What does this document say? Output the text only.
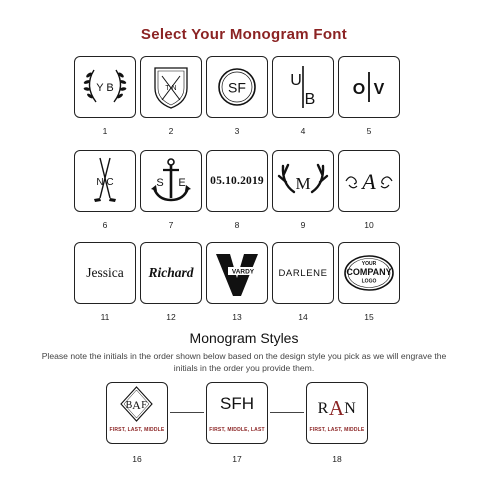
Select Your Monogram Font
Y B
1
T N
2
SF
3
U
B
4
O V
5
N C
6
S E
7
05.10.2019
8
M
9
A
10
Jessica
11
Richard
12
VARDY
13
DARLENE
14
YOUR
COMPANY
LOGO
15
Monogram Styles
Please note the initials in the order shown below based on the design style you pick as we will engrave the initials in the order you provide them.
B A F
FIRST, LAST, MIDDLE
16
SFH
FIRST, MIDDLE, LAST
17
R A N
FIRST, LAST, MIDDLE
18
